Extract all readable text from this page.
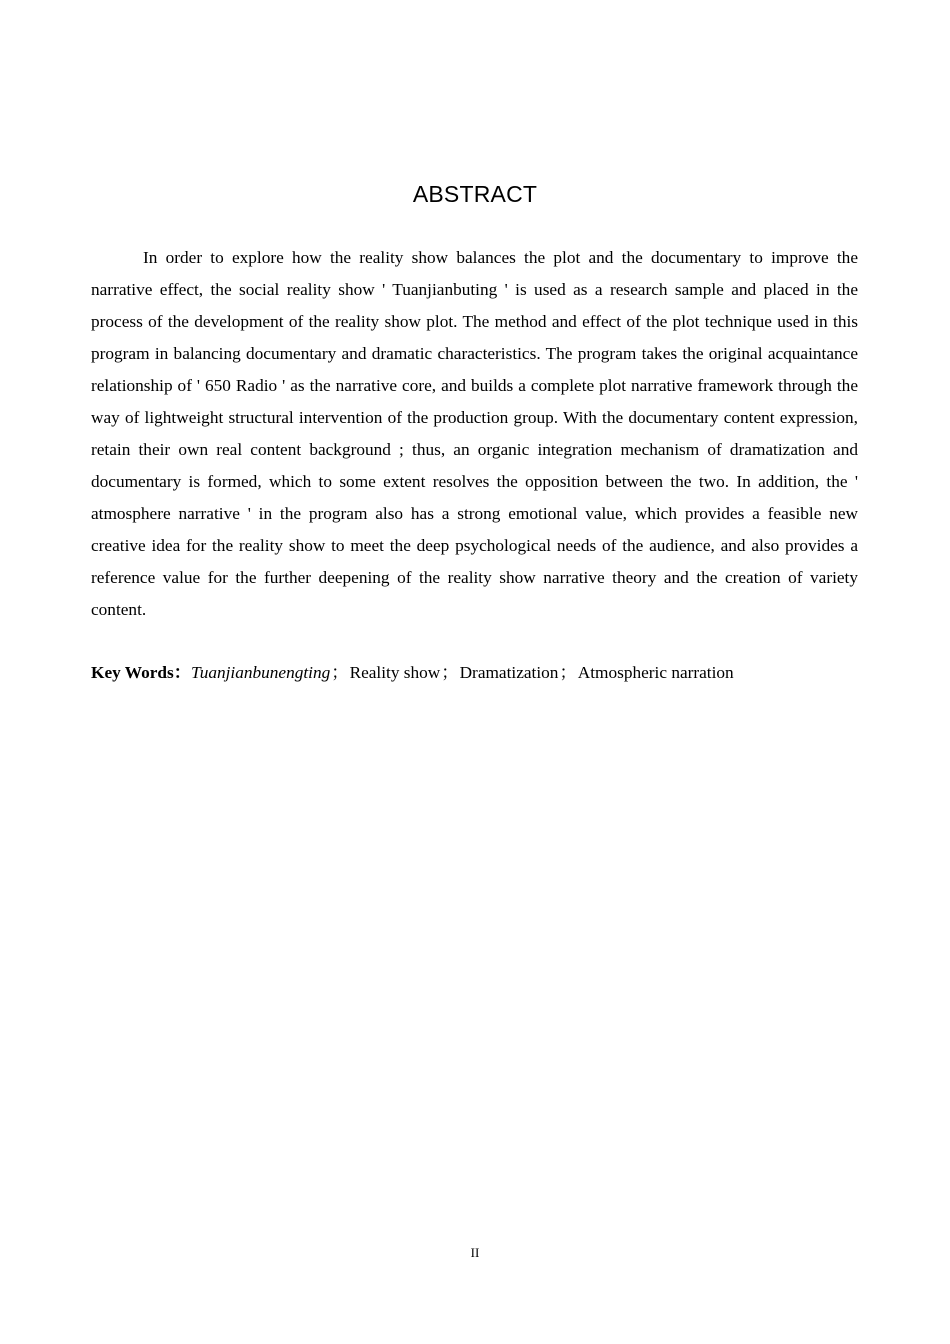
ABSTRACT

In order to explore how the reality show balances the plot and the documentary to improve the narrative effect, the social reality show ' Tuanjianbuting ' is used as a research sample and placed in the process of the development of the reality show plot. The method and effect of the plot technique used in this program in balancing documentary and dramatic characteristics. The program takes the original acquaintance relationship of ' 650 Radio ' as the narrative core, and builds a complete plot narrative framework through the way of lightweight structural intervention of the production group. With the documentary content expression, retain their own real content background ; thus, an organic integration mechanism of dramatization and documentary is formed, which to some extent resolves the opposition between the two. In addition, the ' atmosphere narrative ' in the program also has a strong emotional value, which provides a feasible new creative idea for the reality show to meet the deep psychological needs of the audience, and also provides a reference value for the further deepening of the reality show narrative theory and the creation of variety content.

Key Words：Tuanjianbunengting；Reality show；Dramatization；Atmospheric narration

II
